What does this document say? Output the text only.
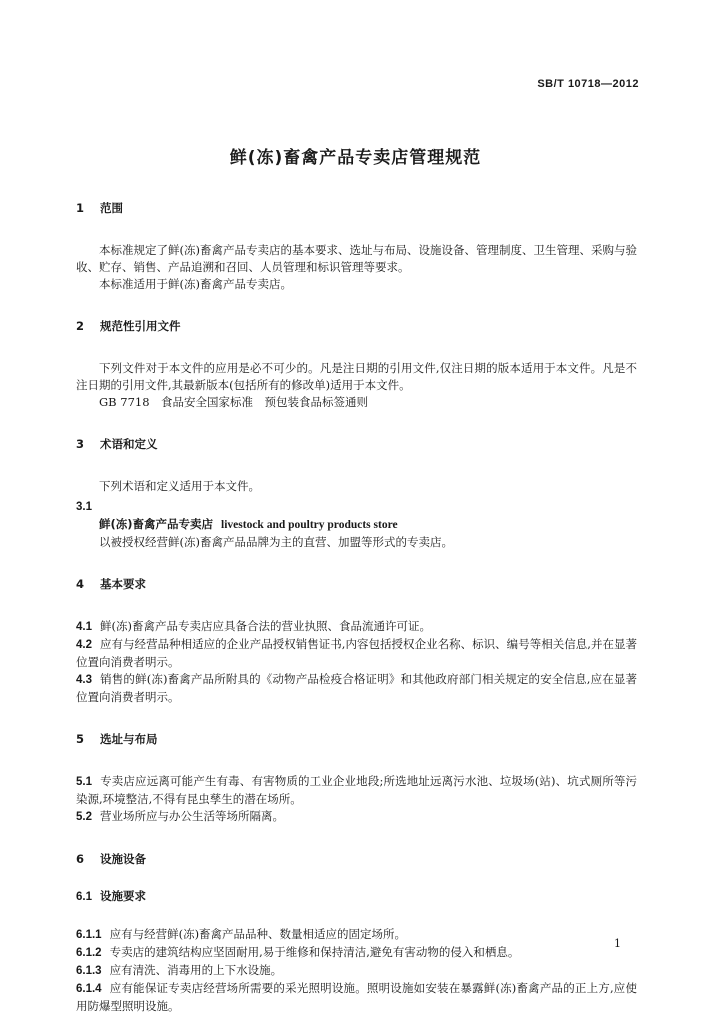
SB/T 10718—2012
鲜(冻)畜禽产品专卖店管理规范
1 范围

本标准规定了鲜(冻)畜禽产品专卖店的基本要求、选址与布局、设施设备、管理制度、卫生管理、采购与验收、贮存、销售、产品追溯和召回、人员管理和标识管理等要求。

本标准适用于鲜(冻)畜禽产品专卖店。

2 规范性引用文件

下列文件对于本文件的应用是必不可少的。凡是注日期的引用文件,仅注日期的版本适用于本文件。凡是不注日期的引用文件,其最新版本(包括所有的修改单)适用于本文件。

GB 7718　食品安全国家标准　预包装食品标签通则

3 术语和定义

下列术语和定义适用于本文件。

3.1

鲜(冻)畜禽产品专卖店 livestock and poultry products store

以被授权经营鲜(冻)畜禽产品品牌为主的直营、加盟等形式的专卖店。

4 基本要求

4.1 鲜(冻)畜禽产品专卖店应具备合法的营业执照、食品流通许可证。

4.2 应有与经营品种相适应的企业产品授权销售证书,内容包括授权企业名称、标识、编号等相关信息,并在显著位置向消费者明示。

4.3 销售的鲜(冻)畜禽产品所附具的《动物产品检疫合格证明》和其他政府部门相关规定的安全信息,应在显著位置向消费者明示。

5 选址与布局

5.1 专卖店应远离可能产生有毒、有害物质的工业企业地段;所选地址远离污水池、垃圾场(站)、坑式厕所等污染源,环境整洁,不得有昆虫孳生的潜在场所。

5.2 营业场所应与办公生活等场所隔离。

6 设施设备

6.1 设施要求

6.1.1 应有与经营鲜(冻)畜禽产品品种、数量相适应的固定场所。

6.1.2 专卖店的建筑结构应坚固耐用,易于维修和保持清洁,避免有害动物的侵入和栖息。

6.1.3 应有清洗、消毒用的上下水设施。

6.1.4 应有能保证专卖店经营场所需要的采光照明设施。照明设施如安装在暴露鲜(冻)畜禽产品的正上方,应使用防爆型照明设施。

1
